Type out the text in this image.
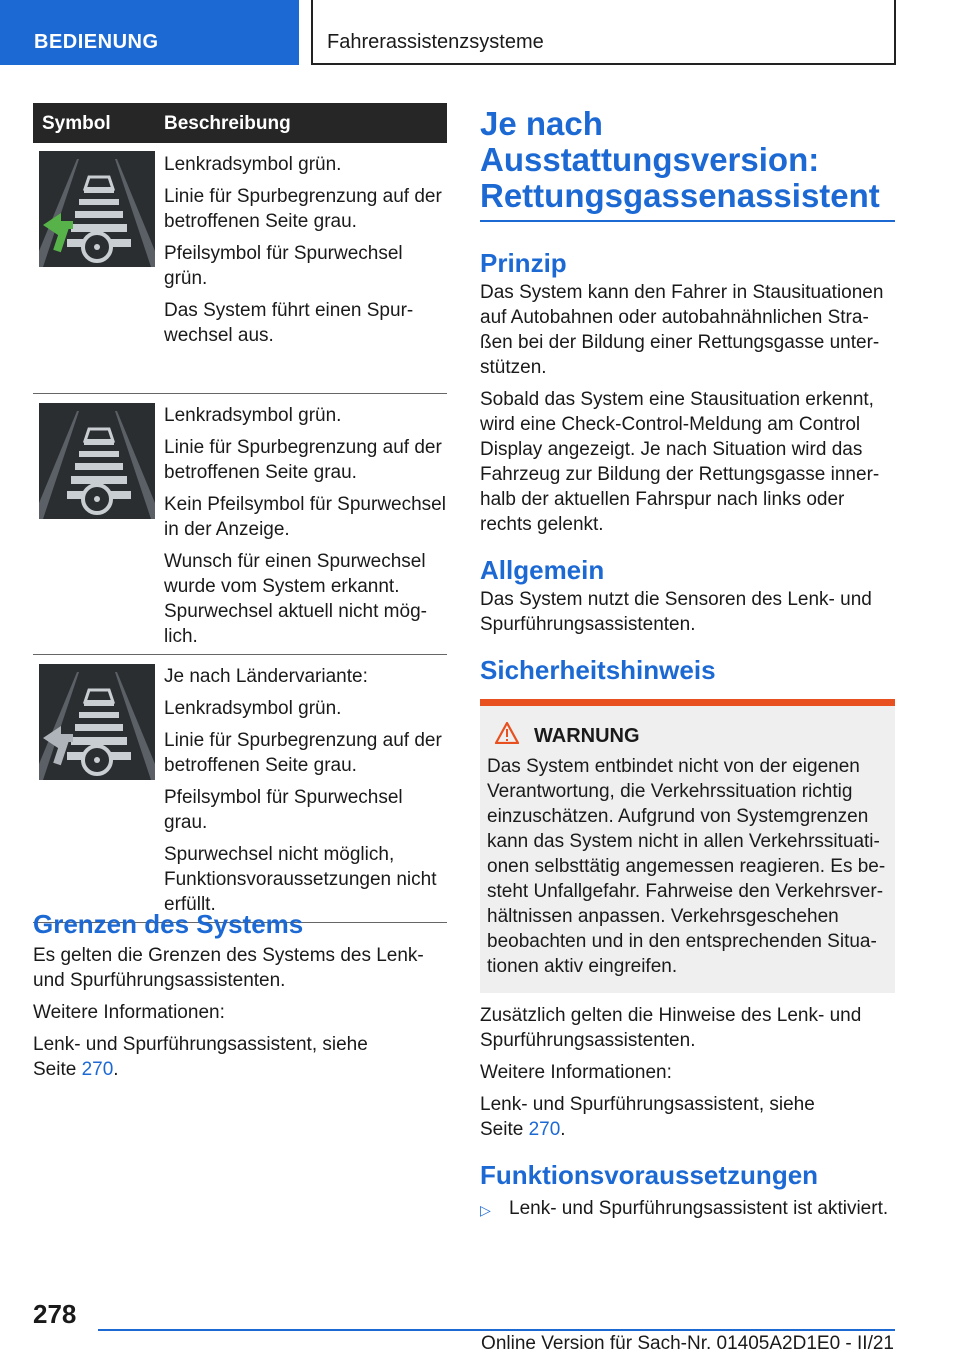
BEDIENUNG	Fahrerassistenzsysteme
Symbol	Beschreibung

Lenkradsymbol grün.

Linie für Spurbegrenzung auf der betroffenen Seite grau.

Pfeilsymbol für Spurwechsel grün.

Das System führt einen Spurwechsel aus.

Lenkradsymbol grün.

Linie für Spurbegrenzung auf der betroffenen Seite grau.

Kein Pfeilsymbol für Spurwechsel in der Anzeige.

Wunsch für einen Spurwechsel wurde vom System erkannt. Spurwechsel aktuell nicht möglich.

Je nach Ländervariante:

Lenkradsymbol grün.

Linie für Spurbegrenzung auf der betroffenen Seite grau.

Pfeilsymbol für Spurwechsel grau.

Spurwechsel nicht möglich, Funktionsvoraussetzungen nicht erfüllt.

Grenzen des Systems

Es gelten die Grenzen des Systems des Lenk- und Spurführungsassistenten.

Weitere Informationen:

Lenk- und Spurführungsassistent, siehe
Seite 270.

Je nach Ausstattungsversion: Rettungsgassenassistent
Prinzip

Das System kann den Fahrer in Stausituationen auf Autobahnen oder autobahnähnlichen Straßen bei der Bildung einer Rettungsgasse unterstützen.

Sobald das System eine Stausituation erkennt, wird eine Check-Control-Meldung am Control Display angezeigt. Je nach Situation wird das Fahrzeug zur Bildung der Rettungsgasse innerhalb der aktuellen Fahrspur nach links oder rechts gelenkt.

Allgemein

Das System nutzt die Sensoren des Lenk- und Spurführungsassistenten.

Sicherheitshinweis
WARNUNG

Das System entbindet nicht von der eigenen Verantwortung, die Verkehrssituation richtig einzuschätzen. Aufgrund von Systemgrenzen kann das System nicht in allen Verkehrssituationen selbsttätig angemessen reagieren. Es besteht Unfallgefahr. Fahrweise den Verkehrsverhältnissen anpassen. Verkehrsgeschehen beobachten und in den entsprechenden Situationen aktiv eingreifen.

Zusätzlich gelten die Hinweise des Lenk- und Spurführungsassistenten.

Weitere Informationen:

Lenk- und Spurführungsassistent, siehe
Seite 270.

Funktionsvoraussetzungen
▷ Lenk- und Spurführungsassistent ist aktiviert.
278
Online Version für Sach-Nr. 01405A2D1E0 - II/21
